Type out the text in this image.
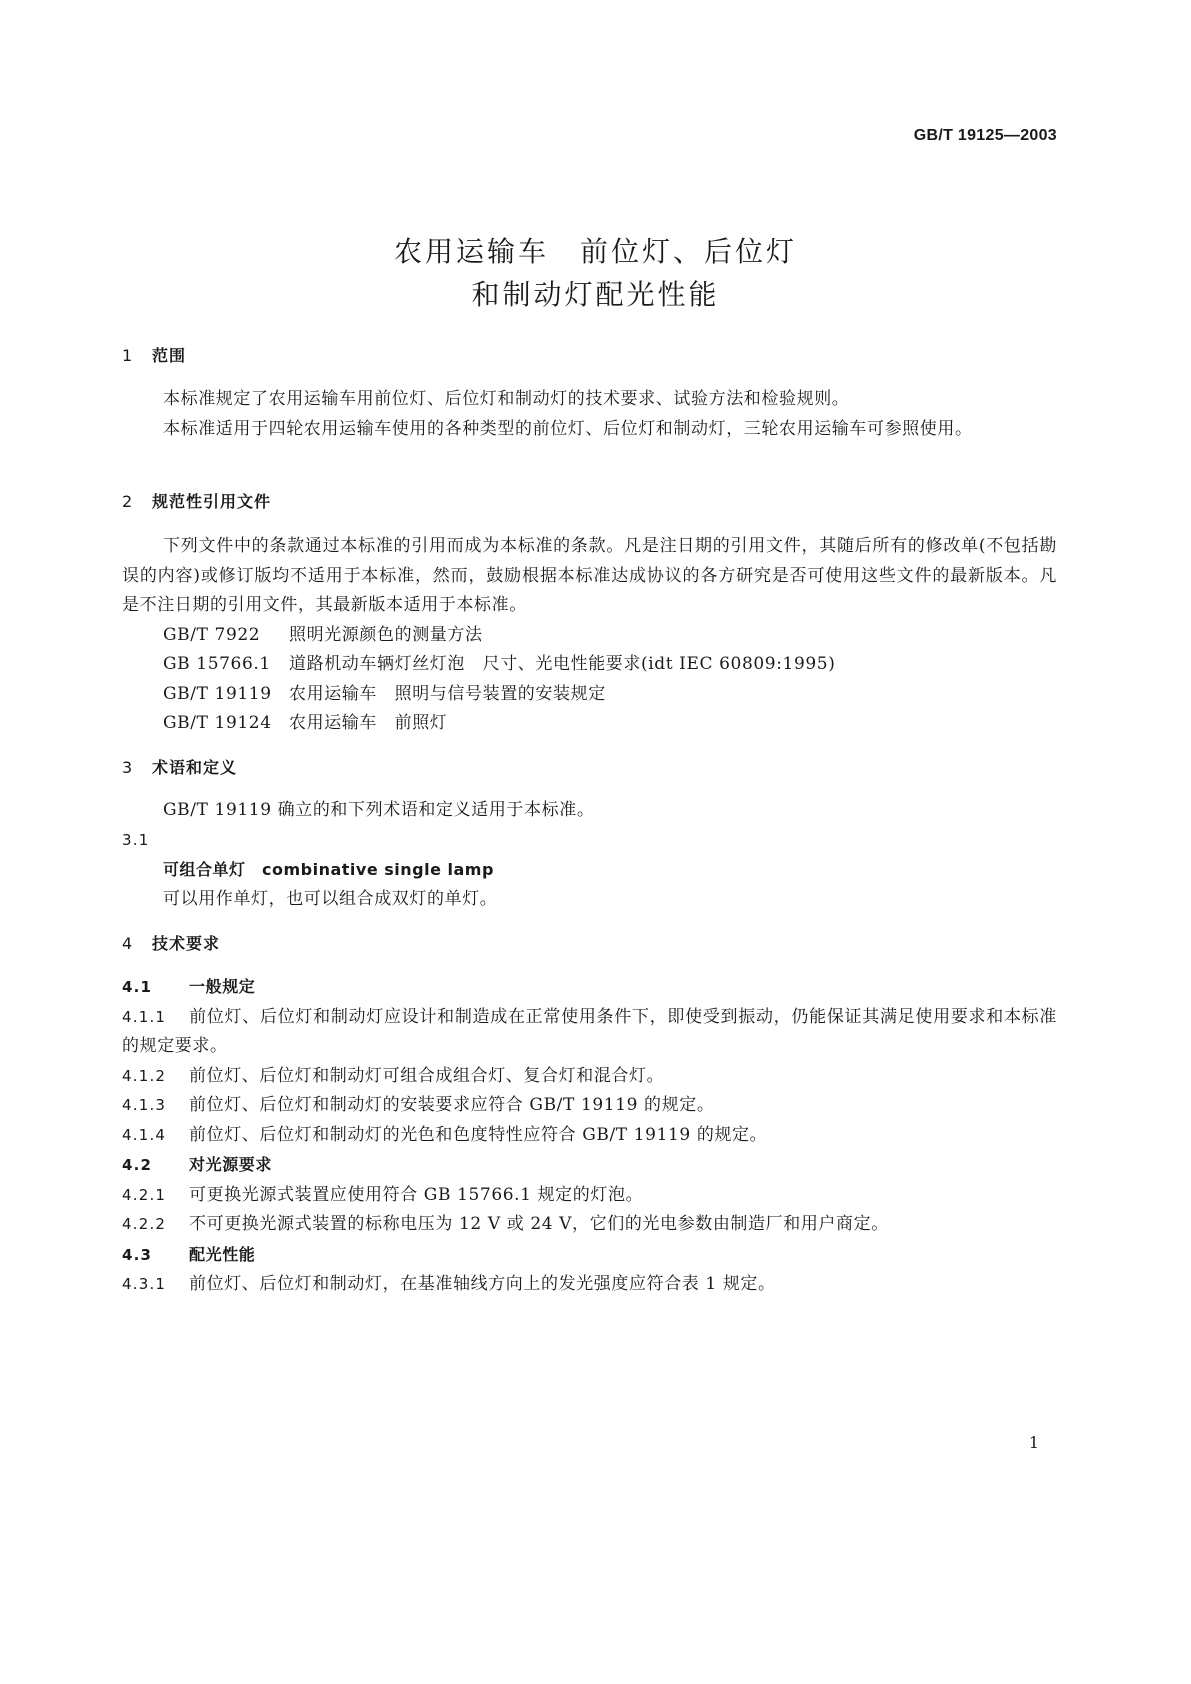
GB/T 19125—2003
农用运输车　前位灯、后位灯
和制动灯配光性能
1 范围
本标准规定了农用运输车用前位灯、后位灯和制动灯的技术要求、试验方法和检验规则。
本标准适用于四轮农用运输车使用的各种类型的前位灯、后位灯和制动灯，三轮农用运输车可参照使用。
2 规范性引用文件
下列文件中的条款通过本标准的引用而成为本标准的条款。凡是注日期的引用文件，其随后所有的修改单(不包括勘误的内容)或修订版均不适用于本标准，然而，鼓励根据本标准达成协议的各方研究是否可使用这些文件的最新版本。凡是不注日期的引用文件，其最新版本适用于本标准。
GB/T 7922 照明光源颜色的测量方法
GB 15766.1 道路机动车辆灯丝灯泡　尺寸、光电性能要求(idt IEC 60809:1995)
GB/T 19119 农用运输车　照明与信号装置的安装规定
GB/T 19124 农用运输车　前照灯
3 术语和定义
GB/T 19119 确立的和下列术语和定义适用于本标准。
3.1
可组合单灯　combinative single lamp
可以用作单灯，也可以组合成双灯的单灯。
4 技术要求
4.1 一般规定
4.1.1 前位灯、后位灯和制动灯应设计和制造成在正常使用条件下，即使受到振动，仍能保证其满足使用要求和本标准的规定要求。
4.1.2 前位灯、后位灯和制动灯可组合成组合灯、复合灯和混合灯。
4.1.3 前位灯、后位灯和制动灯的安装要求应符合 GB/T 19119 的规定。
4.1.4 前位灯、后位灯和制动灯的光色和色度特性应符合 GB/T 19119 的规定。
4.2 对光源要求
4.2.1 可更换光源式装置应使用符合 GB 15766.1 规定的灯泡。
4.2.2 不可更换光源式装置的标称电压为 12 V 或 24 V，它们的光电参数由制造厂和用户商定。
4.3 配光性能
4.3.1 前位灯、后位灯和制动灯，在基准轴线方向上的发光强度应符合表 1 规定。
1
